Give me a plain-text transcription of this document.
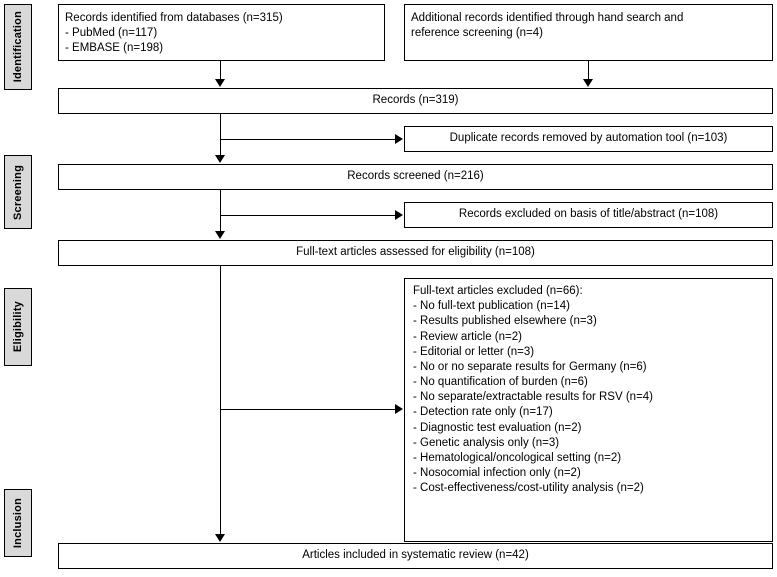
Identification
Screening
Eligibility
Inclusion
Records identified from databases (n=315)
- PubMed (n=117)
- EMBASE (n=198)
Additional records identified through hand search and
reference screening (n=4)
Records (n=319)
Duplicate records removed by automation tool (n=103)
Records screened (n=216)
Records excluded on basis of title/abstract (n=108)
Full-text articles assessed for eligibility (n=108)
Full-text articles excluded (n=66):
- No full-text publication (n=14)
- Results published elsewhere (n=3)
- Review article (n=2)
- Editorial or letter (n=3)
- No or no separate results for Germany (n=6)
- No quantification of burden (n=6)
- No separate/extractable results for RSV (n=4)
- Detection rate only (n=17)
- Diagnostic test evaluation (n=2)
- Genetic analysis only (n=3)
- Hematological/oncological setting (n=2)
- Nosocomial infection only (n=2)
- Cost-effectiveness/cost-utility analysis (n=2)
Articles included in systematic review (n=42)
